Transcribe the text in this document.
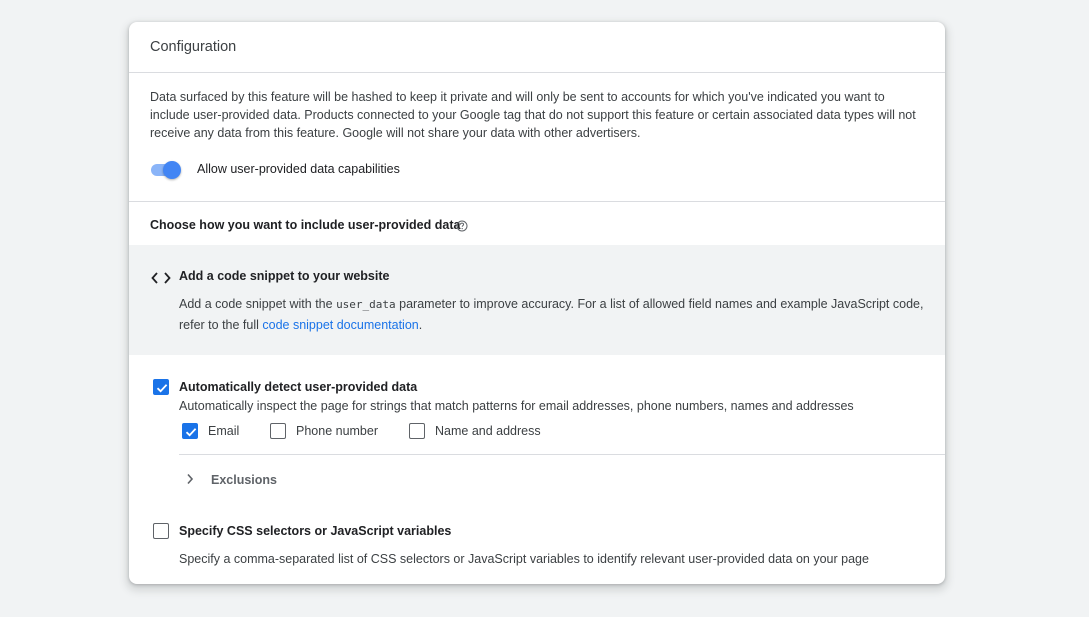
Configuration
Data surfaced by this feature will be hashed to keep it private and will only be sent to accounts for which you've indicated you want to include user-provided data. Products connected to your Google tag that do not support this feature or certain associated data types will not receive any data from this feature. Google will not share your data with other advertisers.
Allow user-provided data capabilities
Choose how you want to include user-provided data
Add a code snippet to your website
Add a code snippet with the user_data parameter to improve accuracy. For a list of allowed field names and example JavaScript code, refer to the full code snippet documentation.
Automatically detect user-provided data
Automatically inspect the page for strings that match patterns for email addresses, phone numbers, names and addresses
Email	Phone number	Name and address
Exclusions
Specify CSS selectors or JavaScript variables
Specify a comma-separated list of CSS selectors or JavaScript variables to identify relevant user-provided data on your page
